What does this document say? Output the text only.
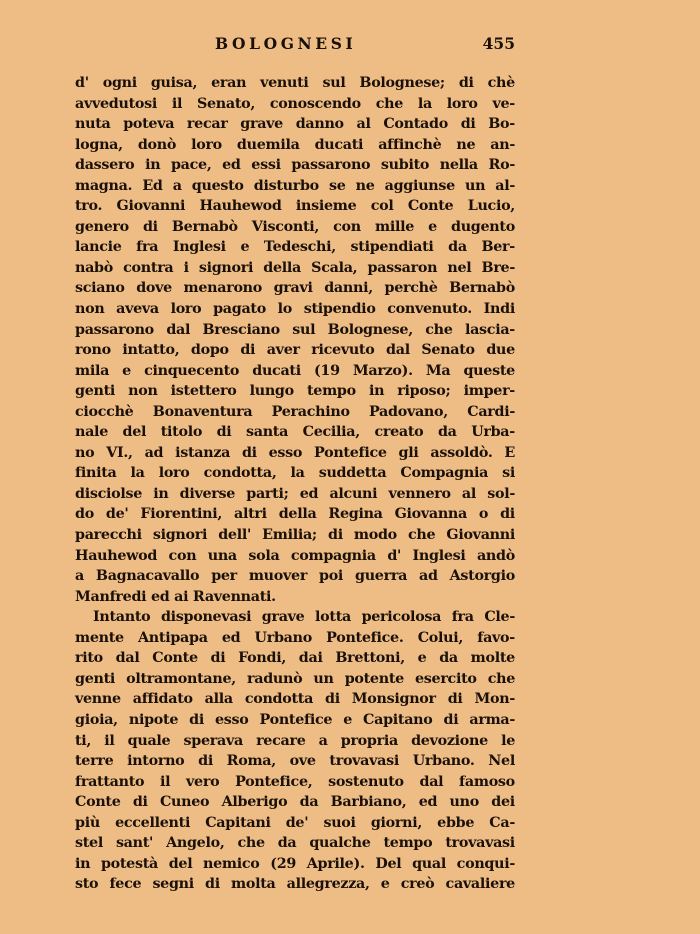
BOLOGNESI	455
d' ogni guisa, eran venuti sul Bolognese; di chè
avvedutosi il Senato, conoscendo che la loro ve-
nuta poteva recar grave danno al Contado di Bo-
logna, donò loro duemila ducati affinchè ne an-
dassero in pace, ed essi passarono subito nella Ro-
magna. Ed a questo disturbo se ne aggiunse un al-
tro. Giovanni Hauhewod insieme col Conte Lucio,
genero di Bernabò Visconti, con mille e dugento
lancie fra Inglesi e Tedeschi, stipendiati da Ber-
nabò contra i signori della Scala, passaron nel Bre-
sciano dove menarono gravi danni, perchè Bernabò
non aveva loro pagato lo stipendio convenuto. Indi
passarono dal Bresciano sul Bolognese, che lascia-
rono intatto, dopo di aver ricevuto dal Senato due
mila e cinquecento ducati (19 Marzo). Ma queste
genti non istettero lungo tempo in riposo; imper-
ciocchè Bonaventura Perachino Padovano, Cardi-
nale del titolo di santa Cecilia, creato da Urba-
no VI., ad istanza di esso Pontefice gli assoldò. E
finita la loro condotta, la suddetta Compagnia si
disciolse in diverse parti; ed alcuni vennero al sol-
do de' Fiorentini, altri della Regina Giovanna o di
parecchi signori dell' Emilia; di modo che Giovanni
Hauhewod con una sola compagnia d' Inglesi andò
a Bagnacavallo per muover poi guerra ad Astorgio
Manfredi ed ai Ravennati.
Intanto disponevasi grave lotta pericolosa fra Cle-
mente Antipapa ed Urbano Pontefice. Colui, favo-
rito dal Conte di Fondi, dai Brettoni, e da molte
genti oltramontane, radunò un potente esercito che
venne affidato alla condotta di Monsignor di Mon-
gioia, nipote di esso Pontefice e Capitano di arma-
ti, il quale sperava recare a propria devozione le
terre intorno di Roma, ove trovavasi Urbano. Nel
frattanto il vero Pontefice, sostenuto dal famoso
Conte di Cuneo Alberigo da Barbiano, ed uno dei
più eccellenti Capitani de' suoi giorni, ebbe Ca-
stel sant' Angelo, che da qualche tempo trovavasi
in potestà del nemico (29 Aprile). Del qual conqui-
sto fece segni di molta allegrezza, e creò cavaliere
